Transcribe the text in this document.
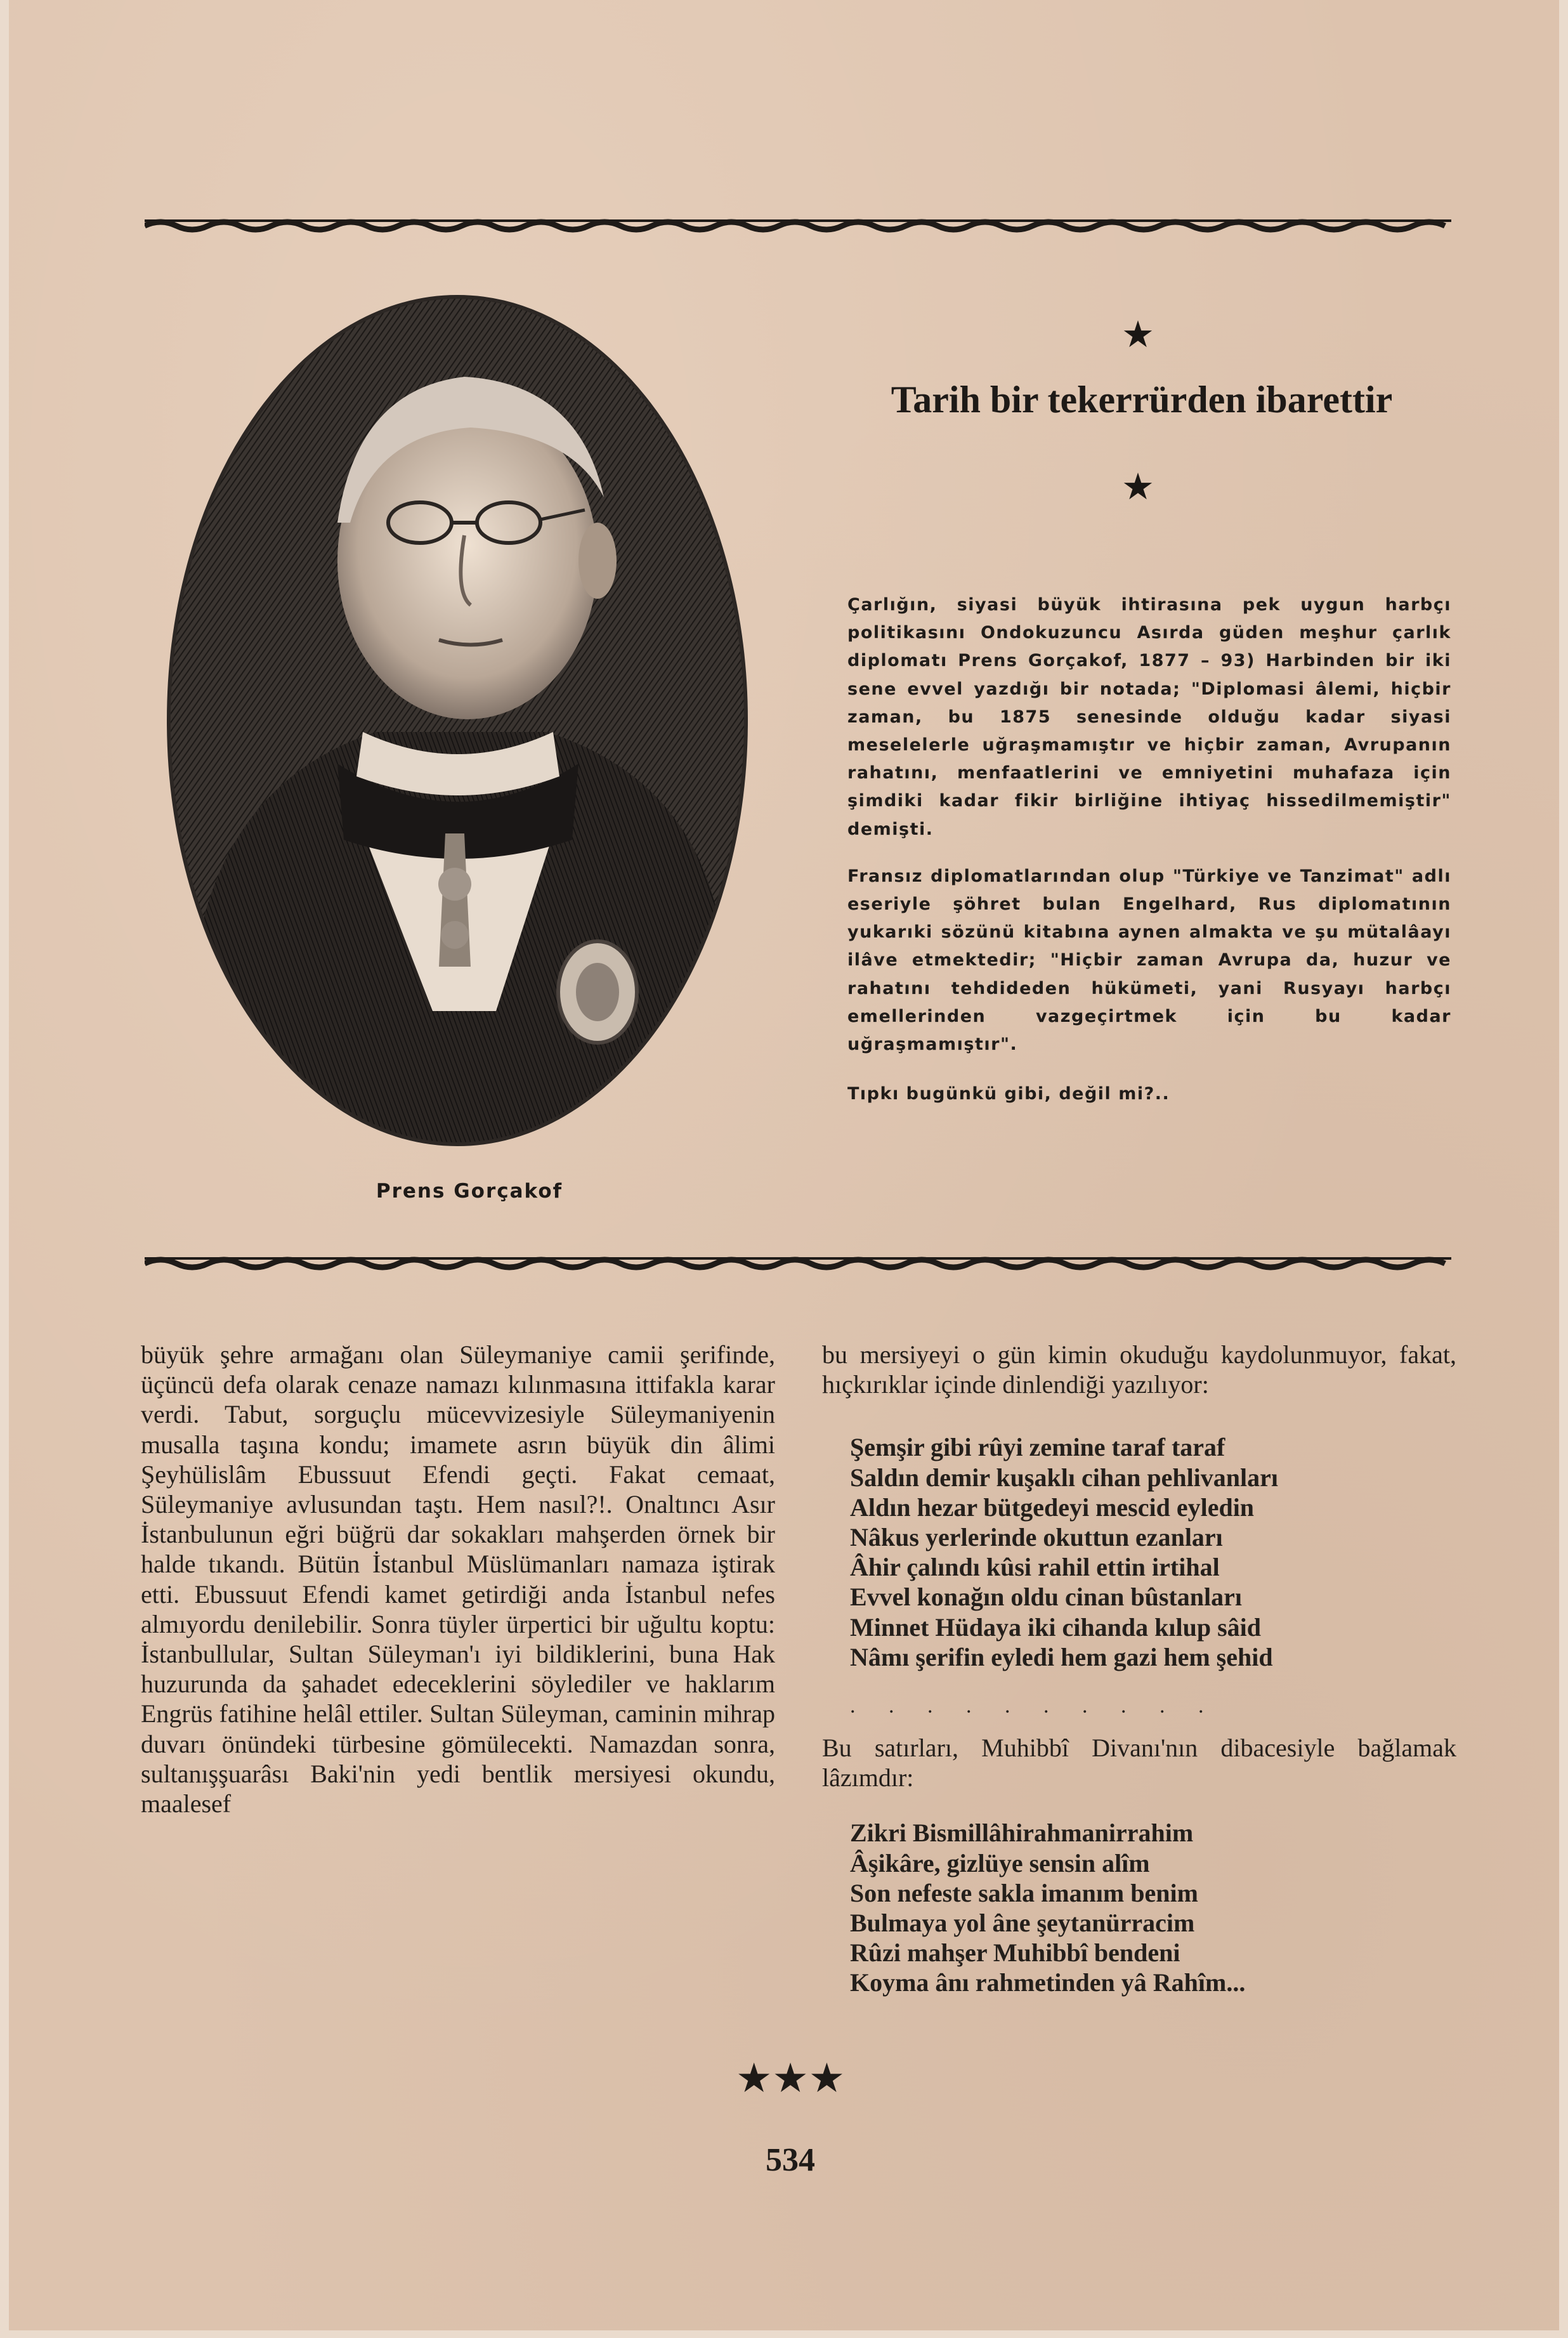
Prens Gorçakof
★
Tarih bir tekerrürden ibarettir
★

Çarlığın, siyasi büyük ihtirasına pek uygun harbçı politikasını Ondokuzuncu Asırda güden meşhur çarlık diplomatı Prens Gorçakof, 1877 – 93) Harbinden bir iki sene evvel yazdığı bir notada; "Diplomasi âlemi, hiçbir zaman, bu 1875 senesinde olduğu kadar siyasi meselelerle uğraşmamıştır ve hiçbir zaman, Avrupanın rahatını, menfaatlerini ve emniyetini muhafaza için şimdiki kadar fikir birliğine ihtiyaç hissedilmemiştir" demişti.

Fransız diplomatlarından olup "Türkiye ve Tanzimat" adlı eseriyle şöhret bulan Engelhard, Rus diplomatının yukarıki sözünü kitabına aynen almakta ve şu mütalâayı ilâve etmektedir; "Hiçbir zaman Avrupa da, huzur ve rahatını tehdideden hükümeti, yani Rusyayı harbçı emellerinden vazgeçirtmek için bu kadar uğraşmamıştır".

Tıpkı bugünkü gibi, değil mi?..

büyük şehre armağanı olan Süleymaniye camii şerifinde, üçüncü defa olarak cenaze namazı kılınmasına ittifakla karar verdi. Tabut, sorguçlu mücevvizesiyle Süleymaniyenin musalla taşına kondu; imamete asrın büyük din âlimi Şeyhülislâm Ebussuut Efendi geçti. Fakat cemaat, Süleymaniye avlusundan taştı. Hem nasıl?!. Onaltıncı Asır İstanbulunun eğri büğrü dar sokakları mahşerden örnek bir halde tıkandı. Bütün İstanbul Müslümanları namaza iştirak etti. Ebussuut Efendi kamet getirdiği anda İstanbul nefes almıyordu denilebilir. Sonra tüyler ürpertici bir uğultu koptu: İstanbullular, Sultan Süleyman'ı iyi bildiklerini, buna Hak huzurunda da şahadet edeceklerini söylediler ve haklarım Engrüs fatihine helâl ettiler. Sultan Süleyman, caminin mihrap duvarı önündeki türbesine gömülecekti. Namazdan sonra, sultanışşuarâsı Baki'nin yedi bentlik mersiyesi okundu, maalesef

bu mersiyeyi o gün kimin okuduğu kaydolunmuyor, fakat, hıçkırıklar içinde dinlendiği yazılıyor:

Şemşir gibi rûyi zemine taraf taraf
Saldın demir kuşaklı cihan pehlivanları
Aldın hezar bütgedeyi mescid eyledin
Nâkus yerlerinde okuttun ezanları
Âhir çalındı kûsi rahil ettin irtihal
Evvel konağın oldu cinan bûstanları
Minnet Hüdaya iki cihanda kılup sâid
Nâmı şerifin eyledi hem gazi hem şehid
. . . . . . . . . .

Bu satırları, Muhibbî Divanı'nın dibacesiyle bağlamak lâzımdır:

Zikri Bismillâhirahmanirrahim
Âşikâre, gizlüye sensin alîm
Son nefeste sakla imanım benim
Bulmaya yol âne şeytanürracim
Rûzi mahşer Muhibbî bendeni
Koyma ânı rahmetinden yâ Rahîm...
★★★
534
